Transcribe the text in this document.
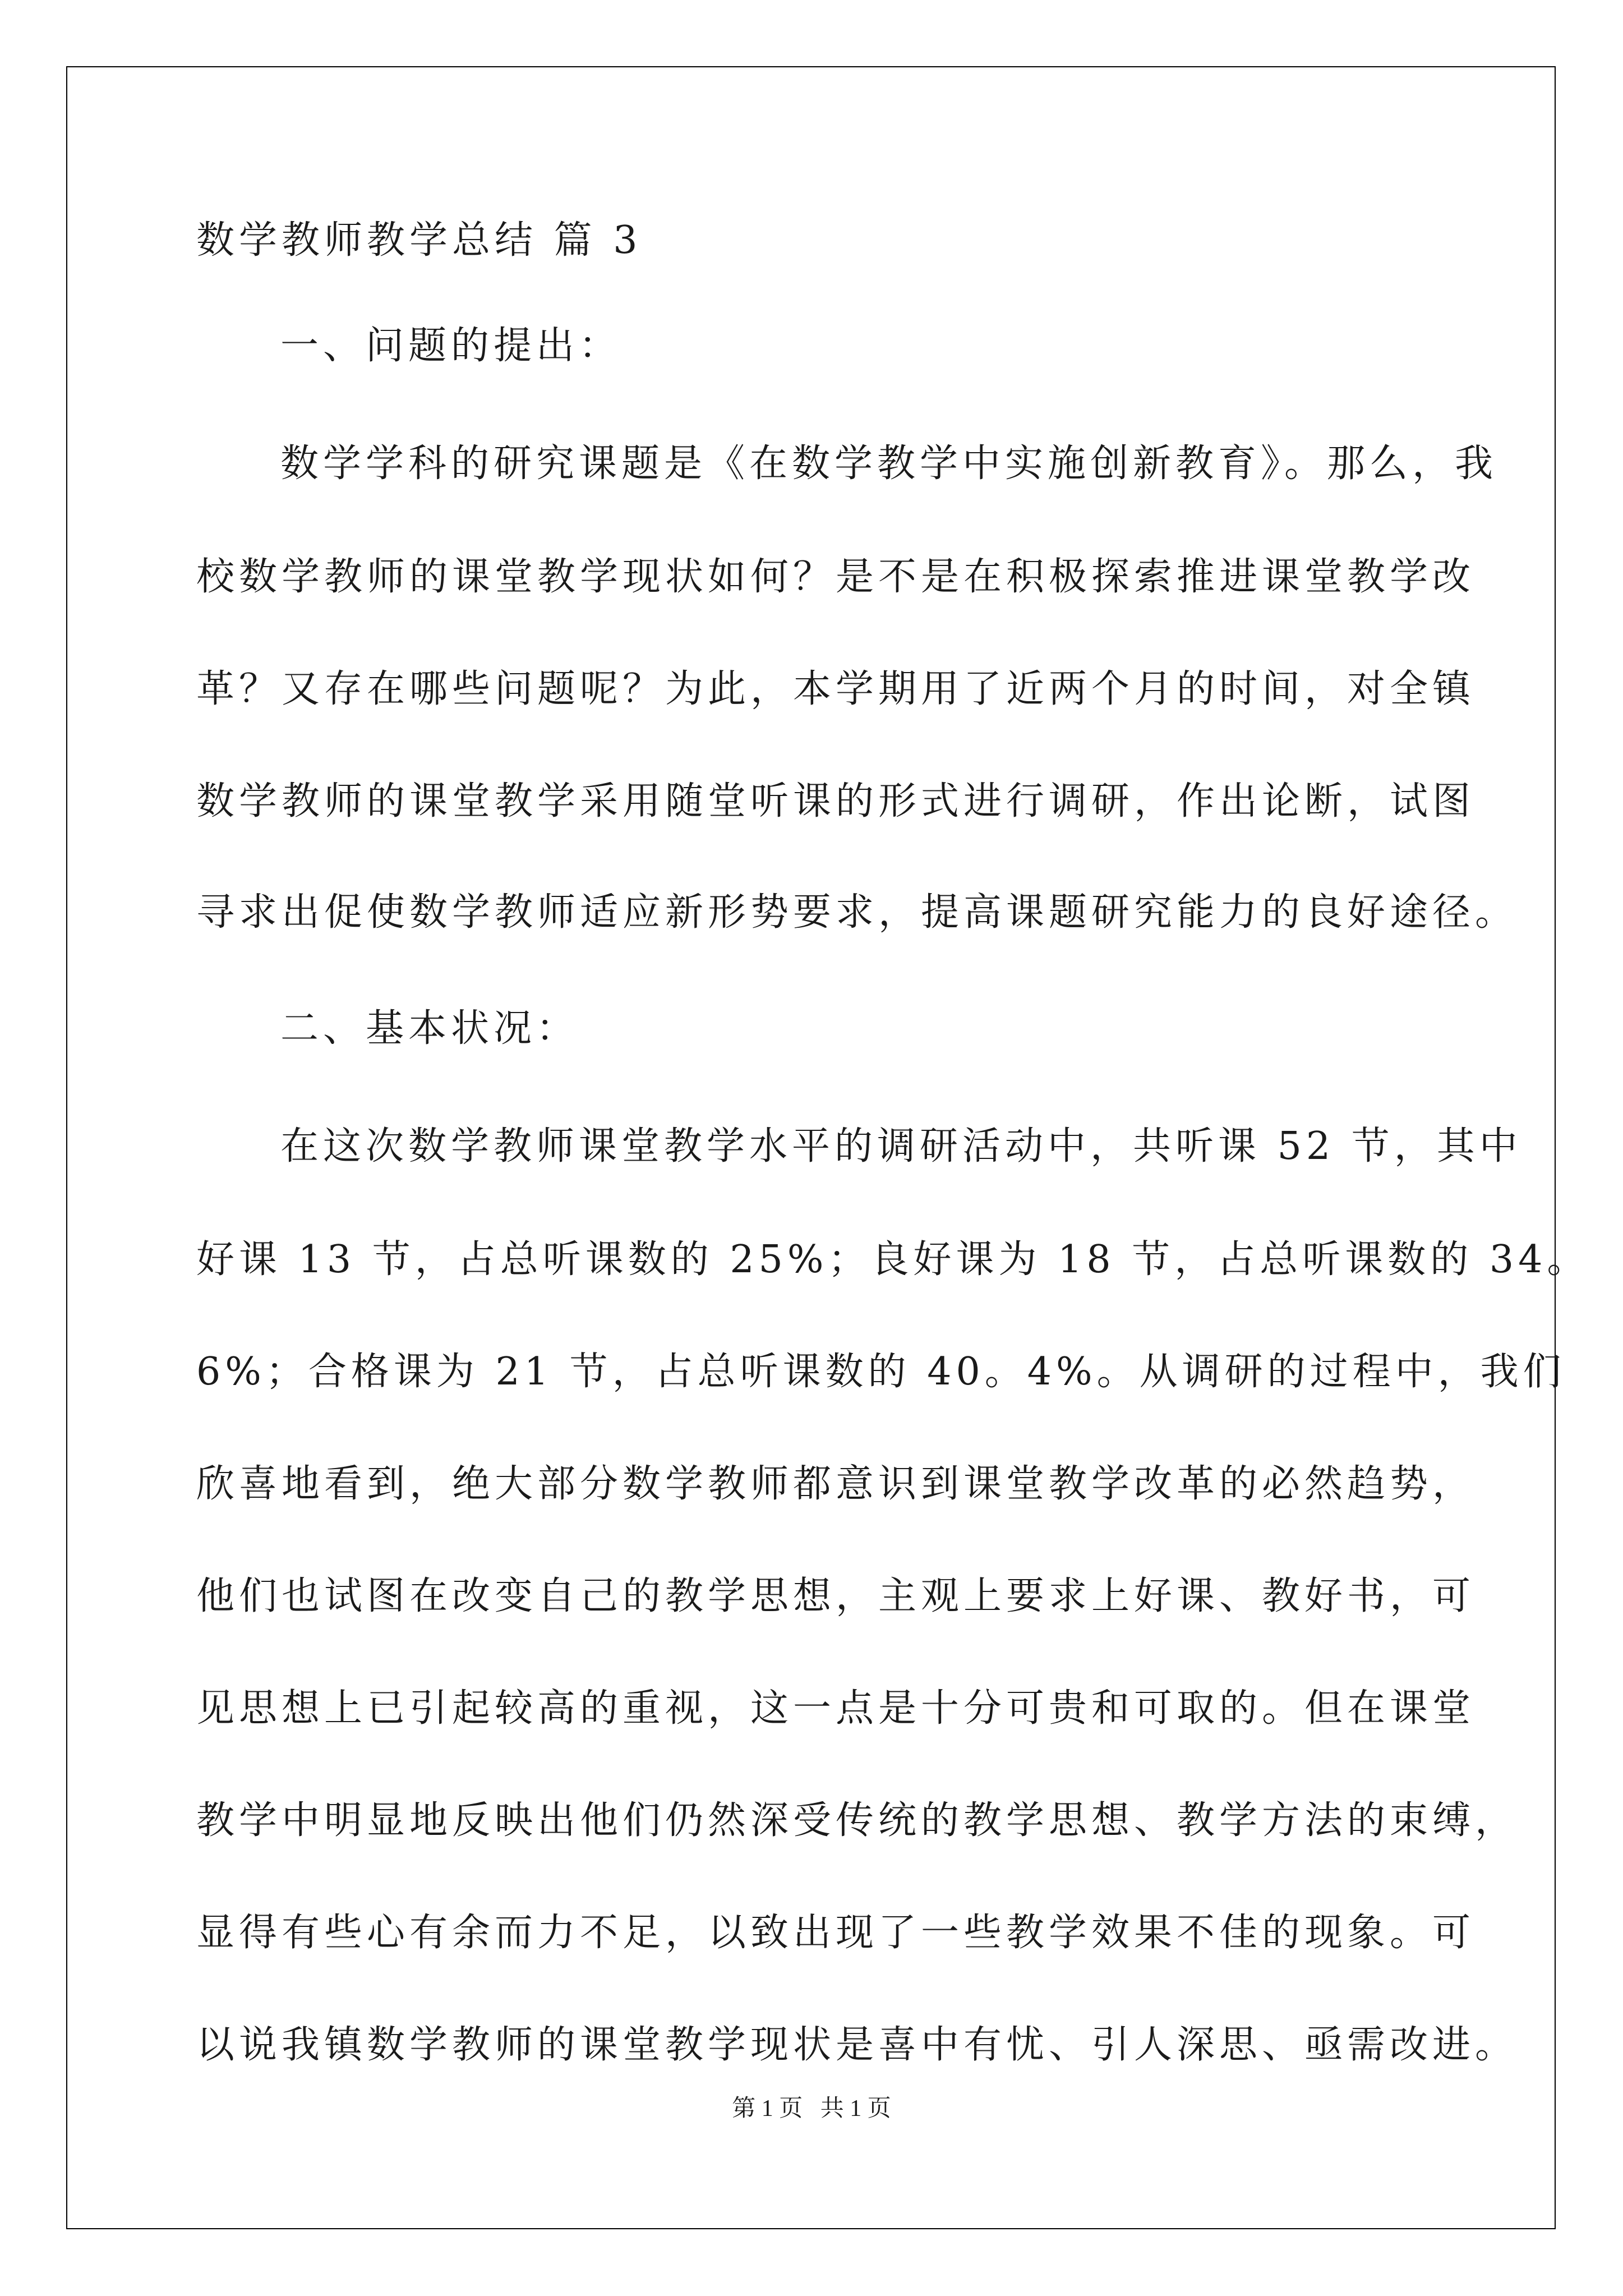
数学教师教学总结 篇 3
一、问题的提出：
数学学科的研究课题是《在数学教学中实施创新教育》。那么，我
校数学教师的课堂教学现状如何？是不是在积极探索推进课堂教学改
革？又存在哪些问题呢？为此，本学期用了近两个月的时间，对全镇
数学教师的课堂教学采用随堂听课的形式进行调研，作出论断，试图
寻求出促使数学教师适应新形势要求，提高课题研究能力的良好途径。
二、基本状况：
在这次数学教师课堂教学水平的调研活动中，共听课 52 节，其中
好课 13 节，占总听课数的 25%；良好课为 18 节，占总听课数的 34。
6%；合格课为 21 节，占总听课数的 40。4%。从调研的过程中，我们
欣喜地看到，绝大部分数学教师都意识到课堂教学改革的必然趋势，
他们也试图在改变自己的教学思想，主观上要求上好课、教好书，可
见思想上已引起较高的重视，这一点是十分可贵和可取的。但在课堂
教学中明显地反映出他们仍然深受传统的教学思想、教学方法的束缚，
显得有些心有余而力不足，以致出现了一些教学效果不佳的现象。可
以说我镇数学教师的课堂教学现状是喜中有忧、引人深思、亟需改进。
第 1 页   共 1 页
